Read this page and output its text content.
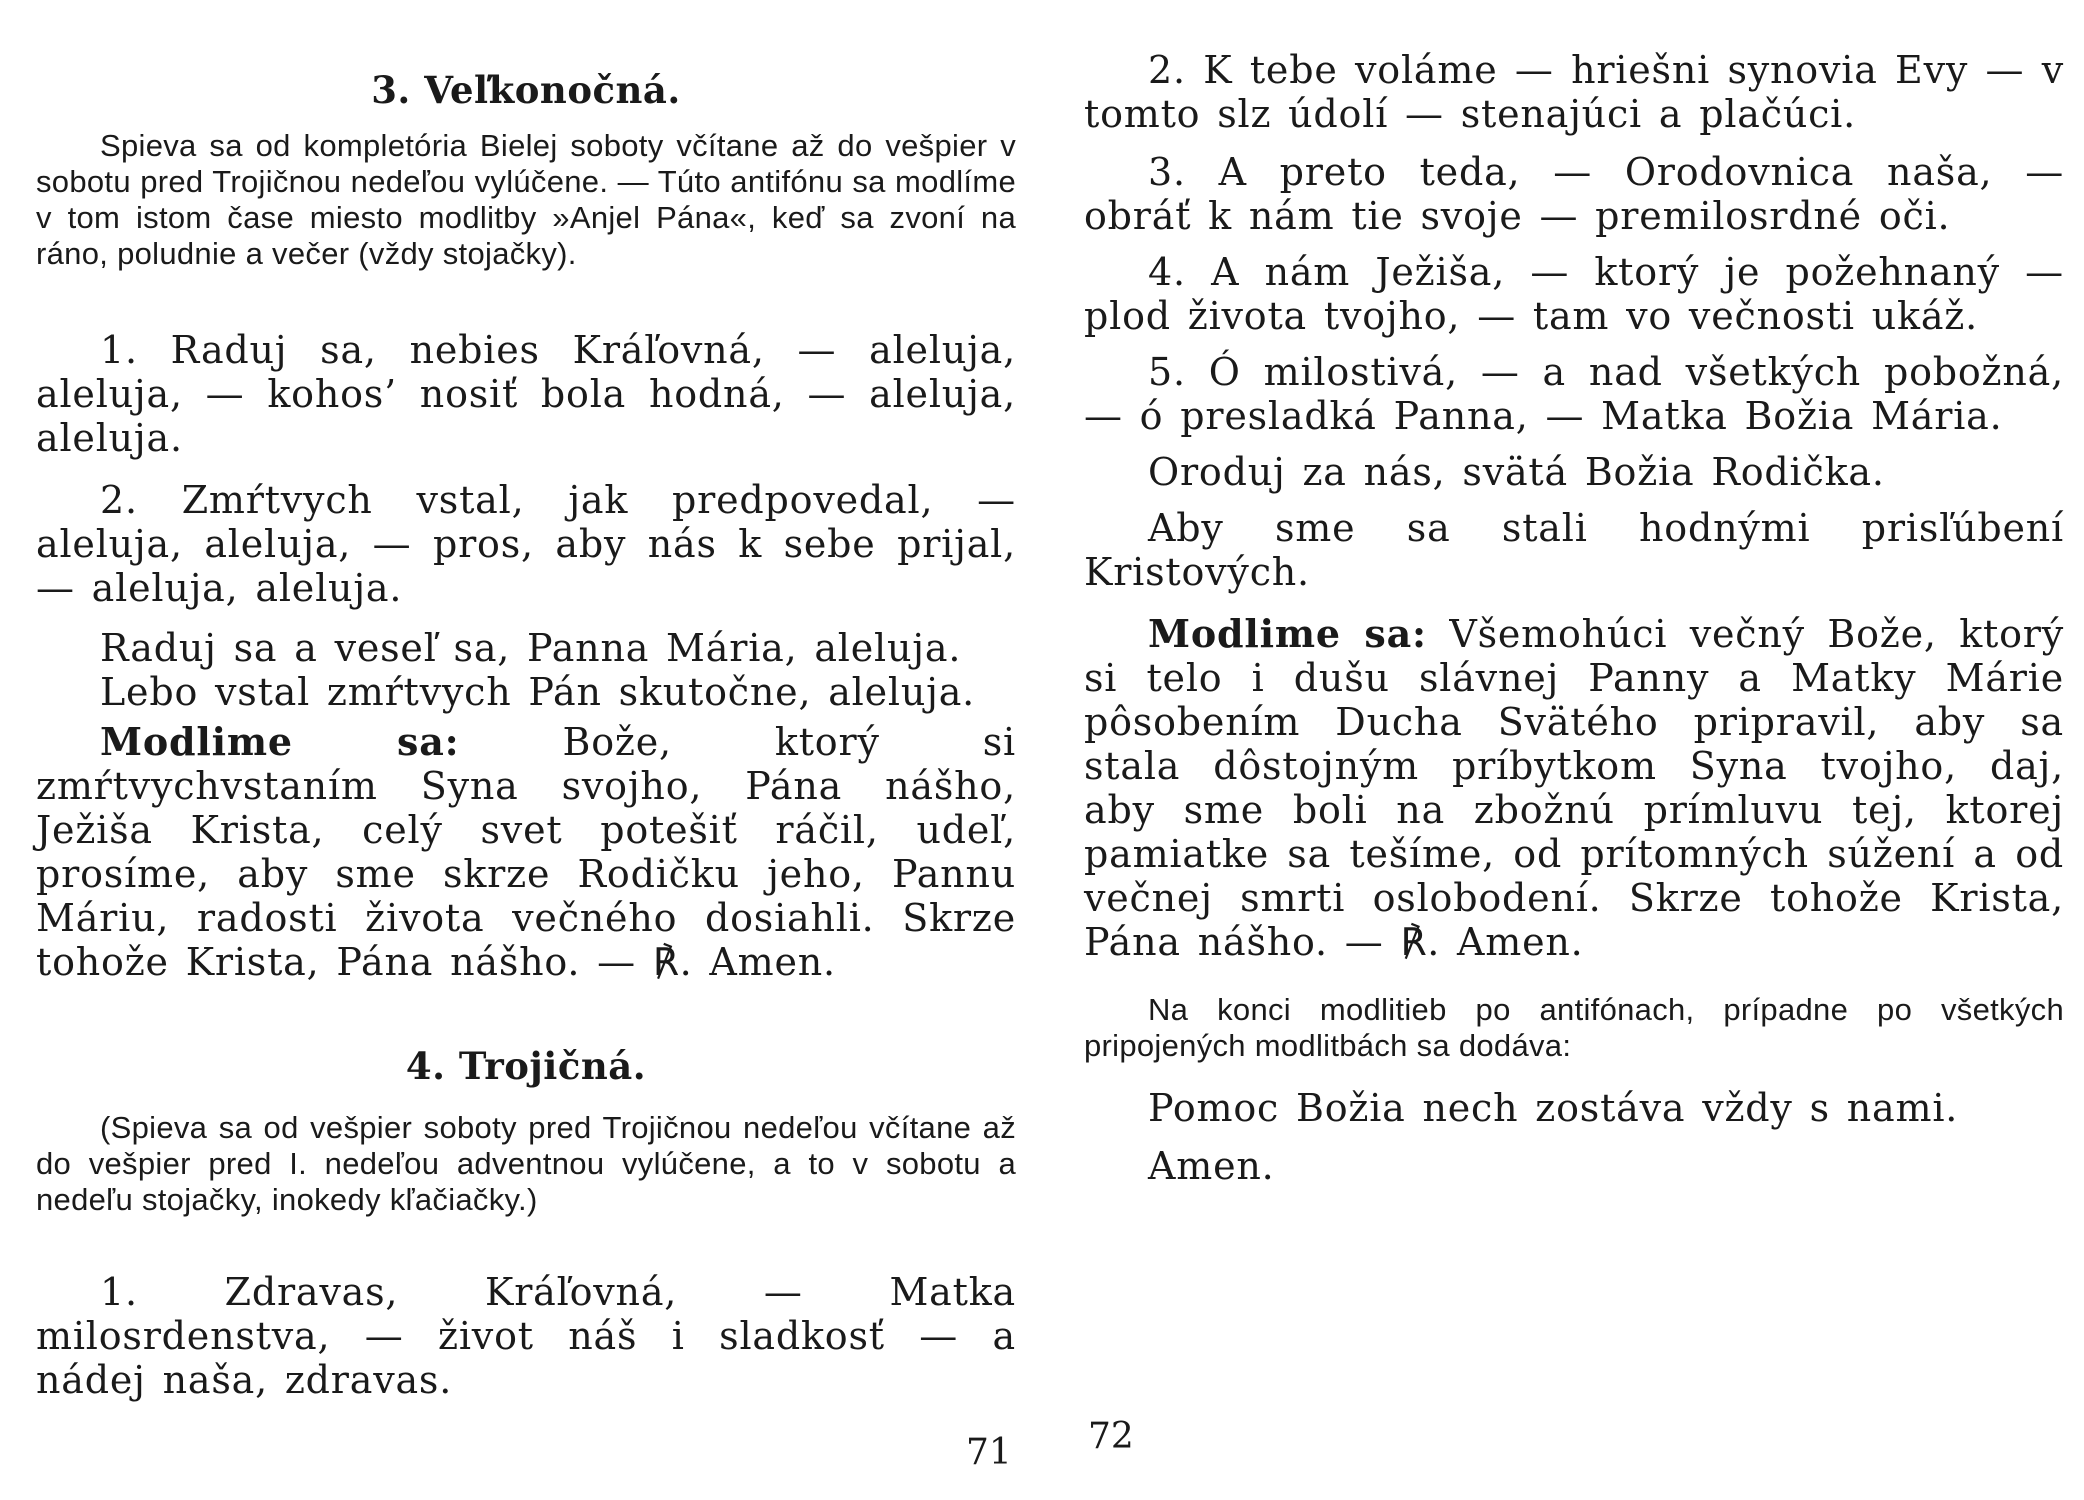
3. Veľkonočná.
Spieva sa od kompletória Bielej soboty včítane až do vešpier v sobotu pred Trojičnou nedeľou vylúčene. — Túto antifónu sa modlíme v tom istom čase miesto modlitby »Anjel Pána«, keď sa zvoní na ráno, poludnie a večer (vždy stojačky).
1. Raduj sa, nebies Kráľovná, — aleluja, aleluja, — kohos’ nosiť bola hodná, — aleluja, aleluja.
2. Zmŕtvych vstal, jak predpovedal, — aleluja, aleluja, — pros, aby nás k sebe prijal, — aleluja, aleluja.
Raduj sa a veseľ sa, Panna Mária, aleluja.
Lebo vstal zmŕtvych Pán skutočne, aleluja.
Modlime sa: Bože, ktorý si zmŕtvychvstaním Syna svojho, Pána nášho, Ježiša Krista, celý svet potešiť ráčil, udeľ, prosíme, aby sme skrze Rodičku jeho, Pannu Máriu, radosti života večného dosiahli. Skrze tohože Krista, Pána nášho. — ℟. Amen.
4. Trojičná.
(Spieva sa od vešpier soboty pred Trojičnou nedeľou včítane až do vešpier pred I. nedeľou adventnou vylúčene, a to v sobotu a nedeľu stojačky, inokedy kľačiačky.)
1. Zdravas, Kráľovná, — Matka milosrdenstva, — život náš i sladkosť — a nádej naša, zdravas.
71
2. K tebe voláme — hriešni synovia Evy — v tomto slz údolí — stenajúci a plačúci.
3. A preto teda, — Orodovnica naša, — obráť k nám tie svoje — premilosrdné oči.
4. A nám Ježiša, — ktorý je požehnaný — plod života tvojho, — tam vo večnosti ukáž.
5. Ó milostivá, — a nad všetkých pobožná, — ó presladká Panna, — Matka Božia Mária.
Oroduj za nás, svätá Božia Rodička.
Aby sme sa stali hodnými prisľúbení Kristových.
Modlime sa: Všemohúci večný Bože, ktorý si telo i dušu slávnej Panny a Matky Márie pôsobením Ducha Svätého pripravil, aby sa stala dôstojným príbytkom Syna tvojho, daj, aby sme boli na zbožnú prímluvu tej, ktorej pamiatke sa tešíme, od prítomných súžení a od večnej smrti oslobodení. Skrze tohože Krista, Pána nášho. — ℟. Amen.
Na konci modlitieb po antifónach, prípadne po všetkých pripojených modlitbách sa dodáva:
Pomoc Božia nech zostáva vždy s nami.
Amen.
72
